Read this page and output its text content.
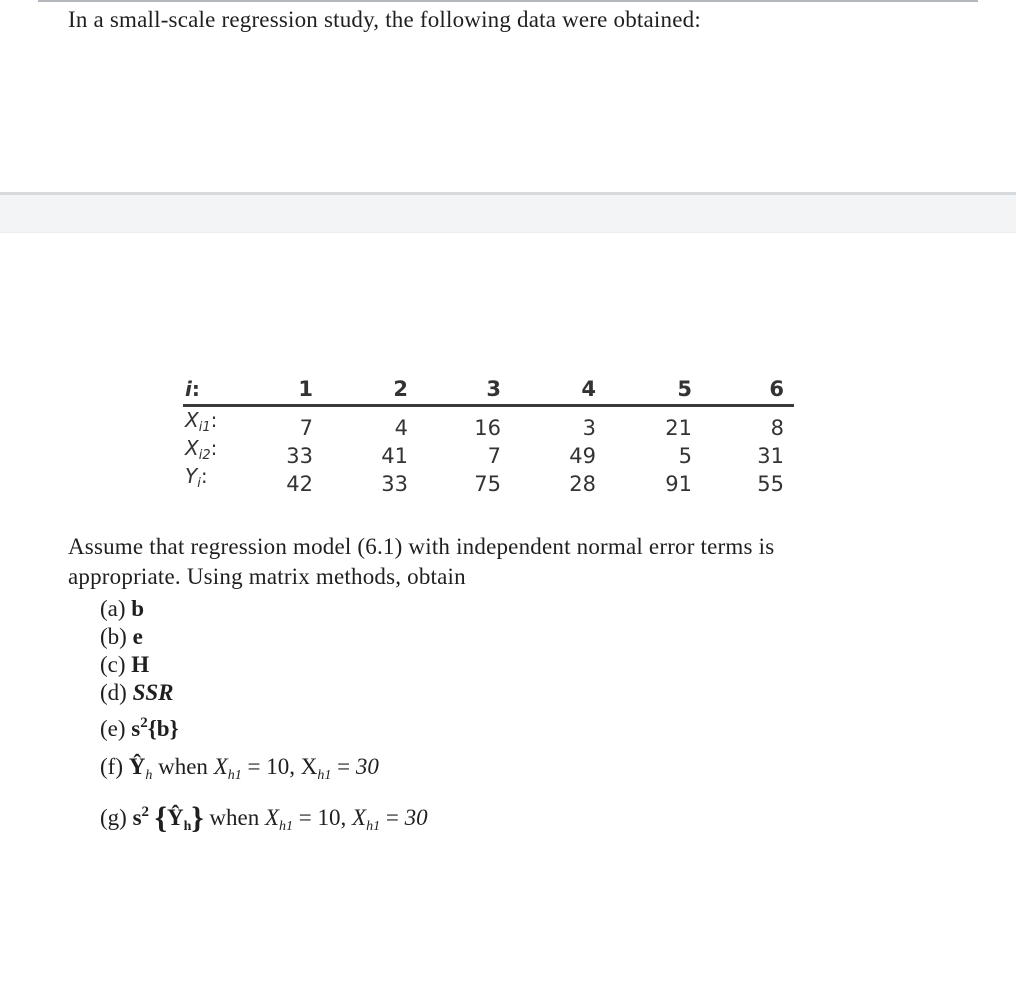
In a small-scale regression study, the following data were obtained:
i:	1	2	3	4	5	6
$X_{i1}$:	7	4	16	3	21	8
$X_{i2}$:	33	41	7	49	5	31
$Y_i$:	42	33	75	28	91	55
Assume that regression model (6.1) with independent normal error terms is
appropriate. Using matrix methods, obtain
(a) b
(b) e
(c) H
(d) SSR
(e) $s^2\{b\}$
(f) $Ŷ_h$ when $X_{h1} = 10$, $X_{h1} = 30$
(g) $s^2$ $\{Ŷ_h\}$ when $X_{h1} = 10$, $X_{h1} = 30$
